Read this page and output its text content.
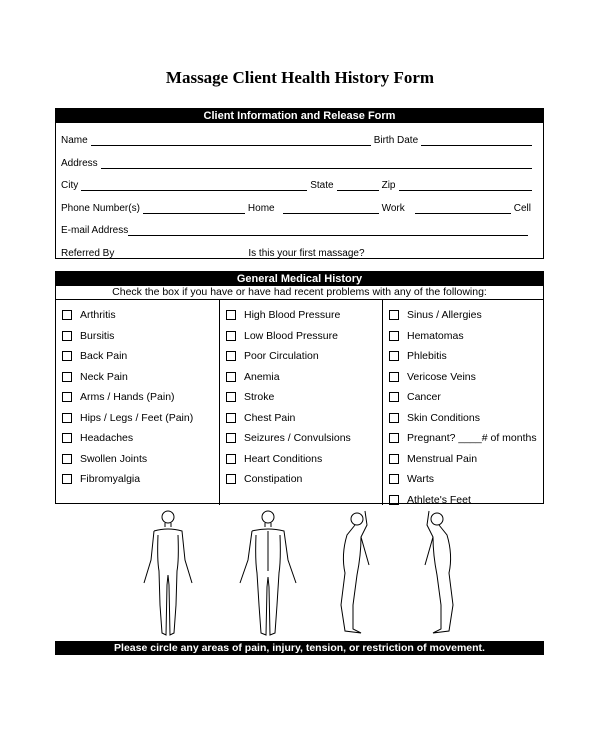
Massage Client Health History Form
Client Information and Release Form
Name	Birth Date
Address
City	State	Zip
Phone Number(s)	Home	Work	Cell
E-mail Address
Referred By	Is this your first massage?
General Medical History
Check the box if you have or have had recent problems with any of the following:
Arthritis
Bursitis
Back Pain
Neck Pain
Arms / Hands (Pain)
Hips / Legs / Feet (Pain)
Headaches
Swollen Joints
Fibromyalgia
High Blood Pressure
Low Blood Pressure
Poor Circulation
Anemia
Stroke
Chest Pain
Seizures / Convulsions
Heart Conditions
Constipation
Sinus / Allergies
Hematomas
Phlebitis
Vericose Veins
Cancer
Skin Conditions
Pregnant? ____# of months
Menstrual Pain
Warts
Athlete's Feet
Please circle any areas of pain, injury, tension, or restriction of movement.
